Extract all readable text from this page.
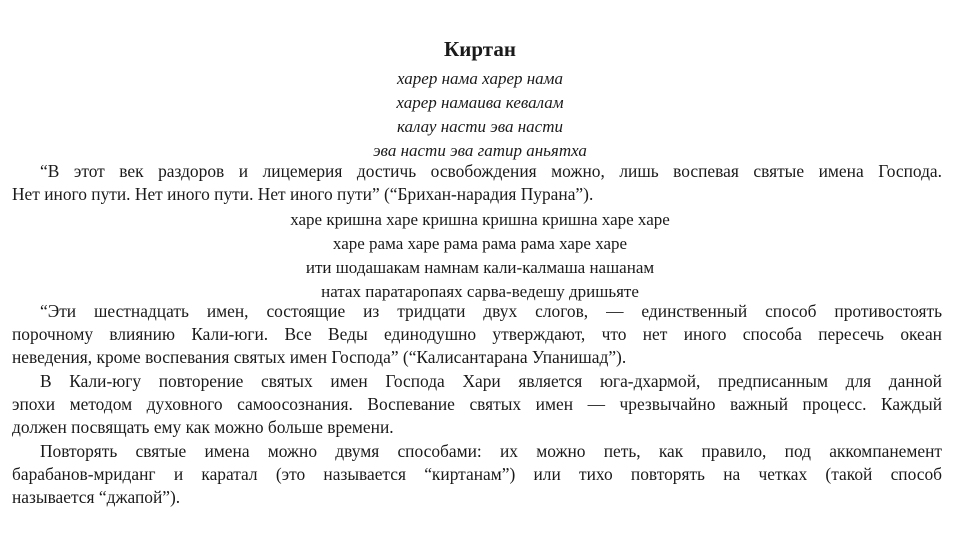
Киртан
харер нама харер нама
харер намаива кевалам
калау насти эва насти
эва насти эва гатир аньятха
“В этот век раздоров и лицемерия достичь освобождения можно, лишь воспевая святые имена Господа.
Нет иного пути. Нет иного пути. Нет иного пути” (“Брихан-нарадия Пурана”).
харе кришна харе кришна кришна кришна харе харе
харе рама харе рама рама рама харе харе
ити шодашакам намнам кали-калмаша нашанам
натах паратаропаях сарва-ведешу дришьяте
“Эти шестнадцать имен, состоящие из тридцати двух слогов, — единственный способ противостоять
порочному влиянию Кали-юги. Все Веды единодушно утверждают, что нет иного способа пересечь океан
неведения, кроме воспевания святых имен Господа” (“Калисантарана Упанишад”).
В Кали-югу повторение святых имен Господа Хари является юга-дхармой, предписанным для данной
эпохи методом духовного самоосознания. Воспевание святых имен — чрезвычайно важный процесс. Каждый
должен посвящать ему как можно больше времени.
Повторять святые имена можно двумя способами: их можно петь, как правило, под аккомпанемент
барабанов-мриданг и каратал (это называется “киртанам”) или тихо повторять на четках (такой способ
называется “джапой”).
